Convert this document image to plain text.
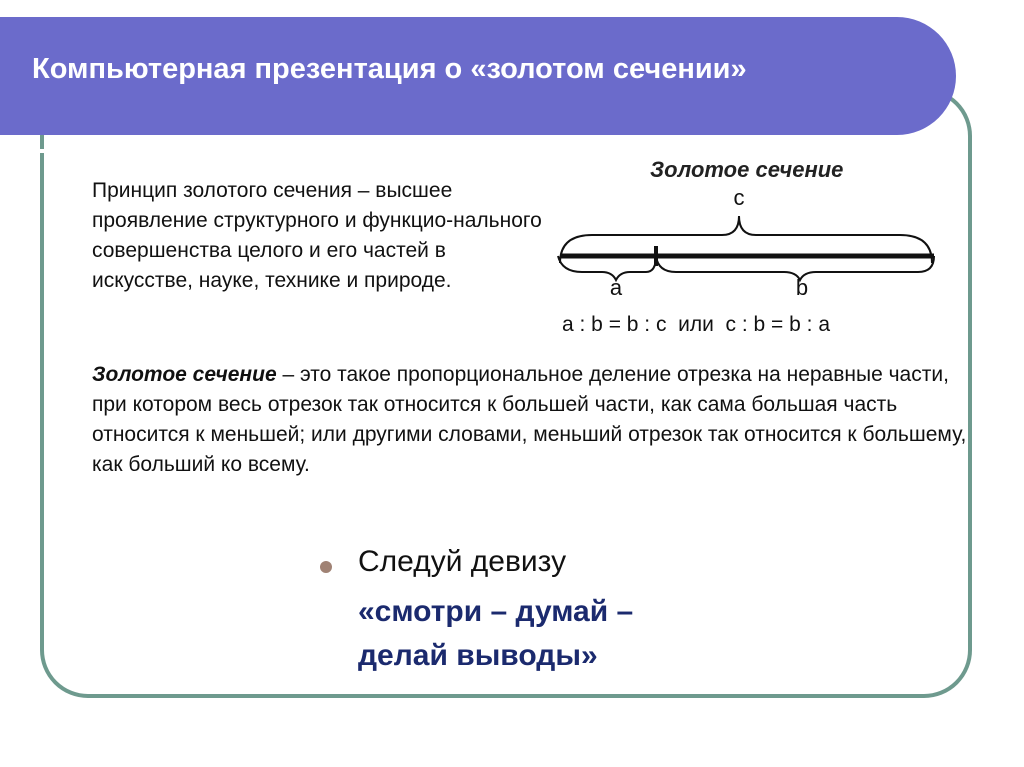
Компьютерная презентация о «золотом сечении»

Принцип золотого сечения – высшее проявление структурного и функцио-нального совершенства целого и его частей в искусстве, науке, технике и природе.

Золотое сечение

c
a	b

a : b = b : c  или  c : b = b : a

Золотое сечение – это такое пропорциональное деление отрезка на неравные части, при котором весь отрезок так относится к большей части, как сама большая часть относится к меньшей; или другими словами, меньший отрезок так относится к большему, как больший ко всему.

Следуй девизу

«смотри – думай – делай выводы»
